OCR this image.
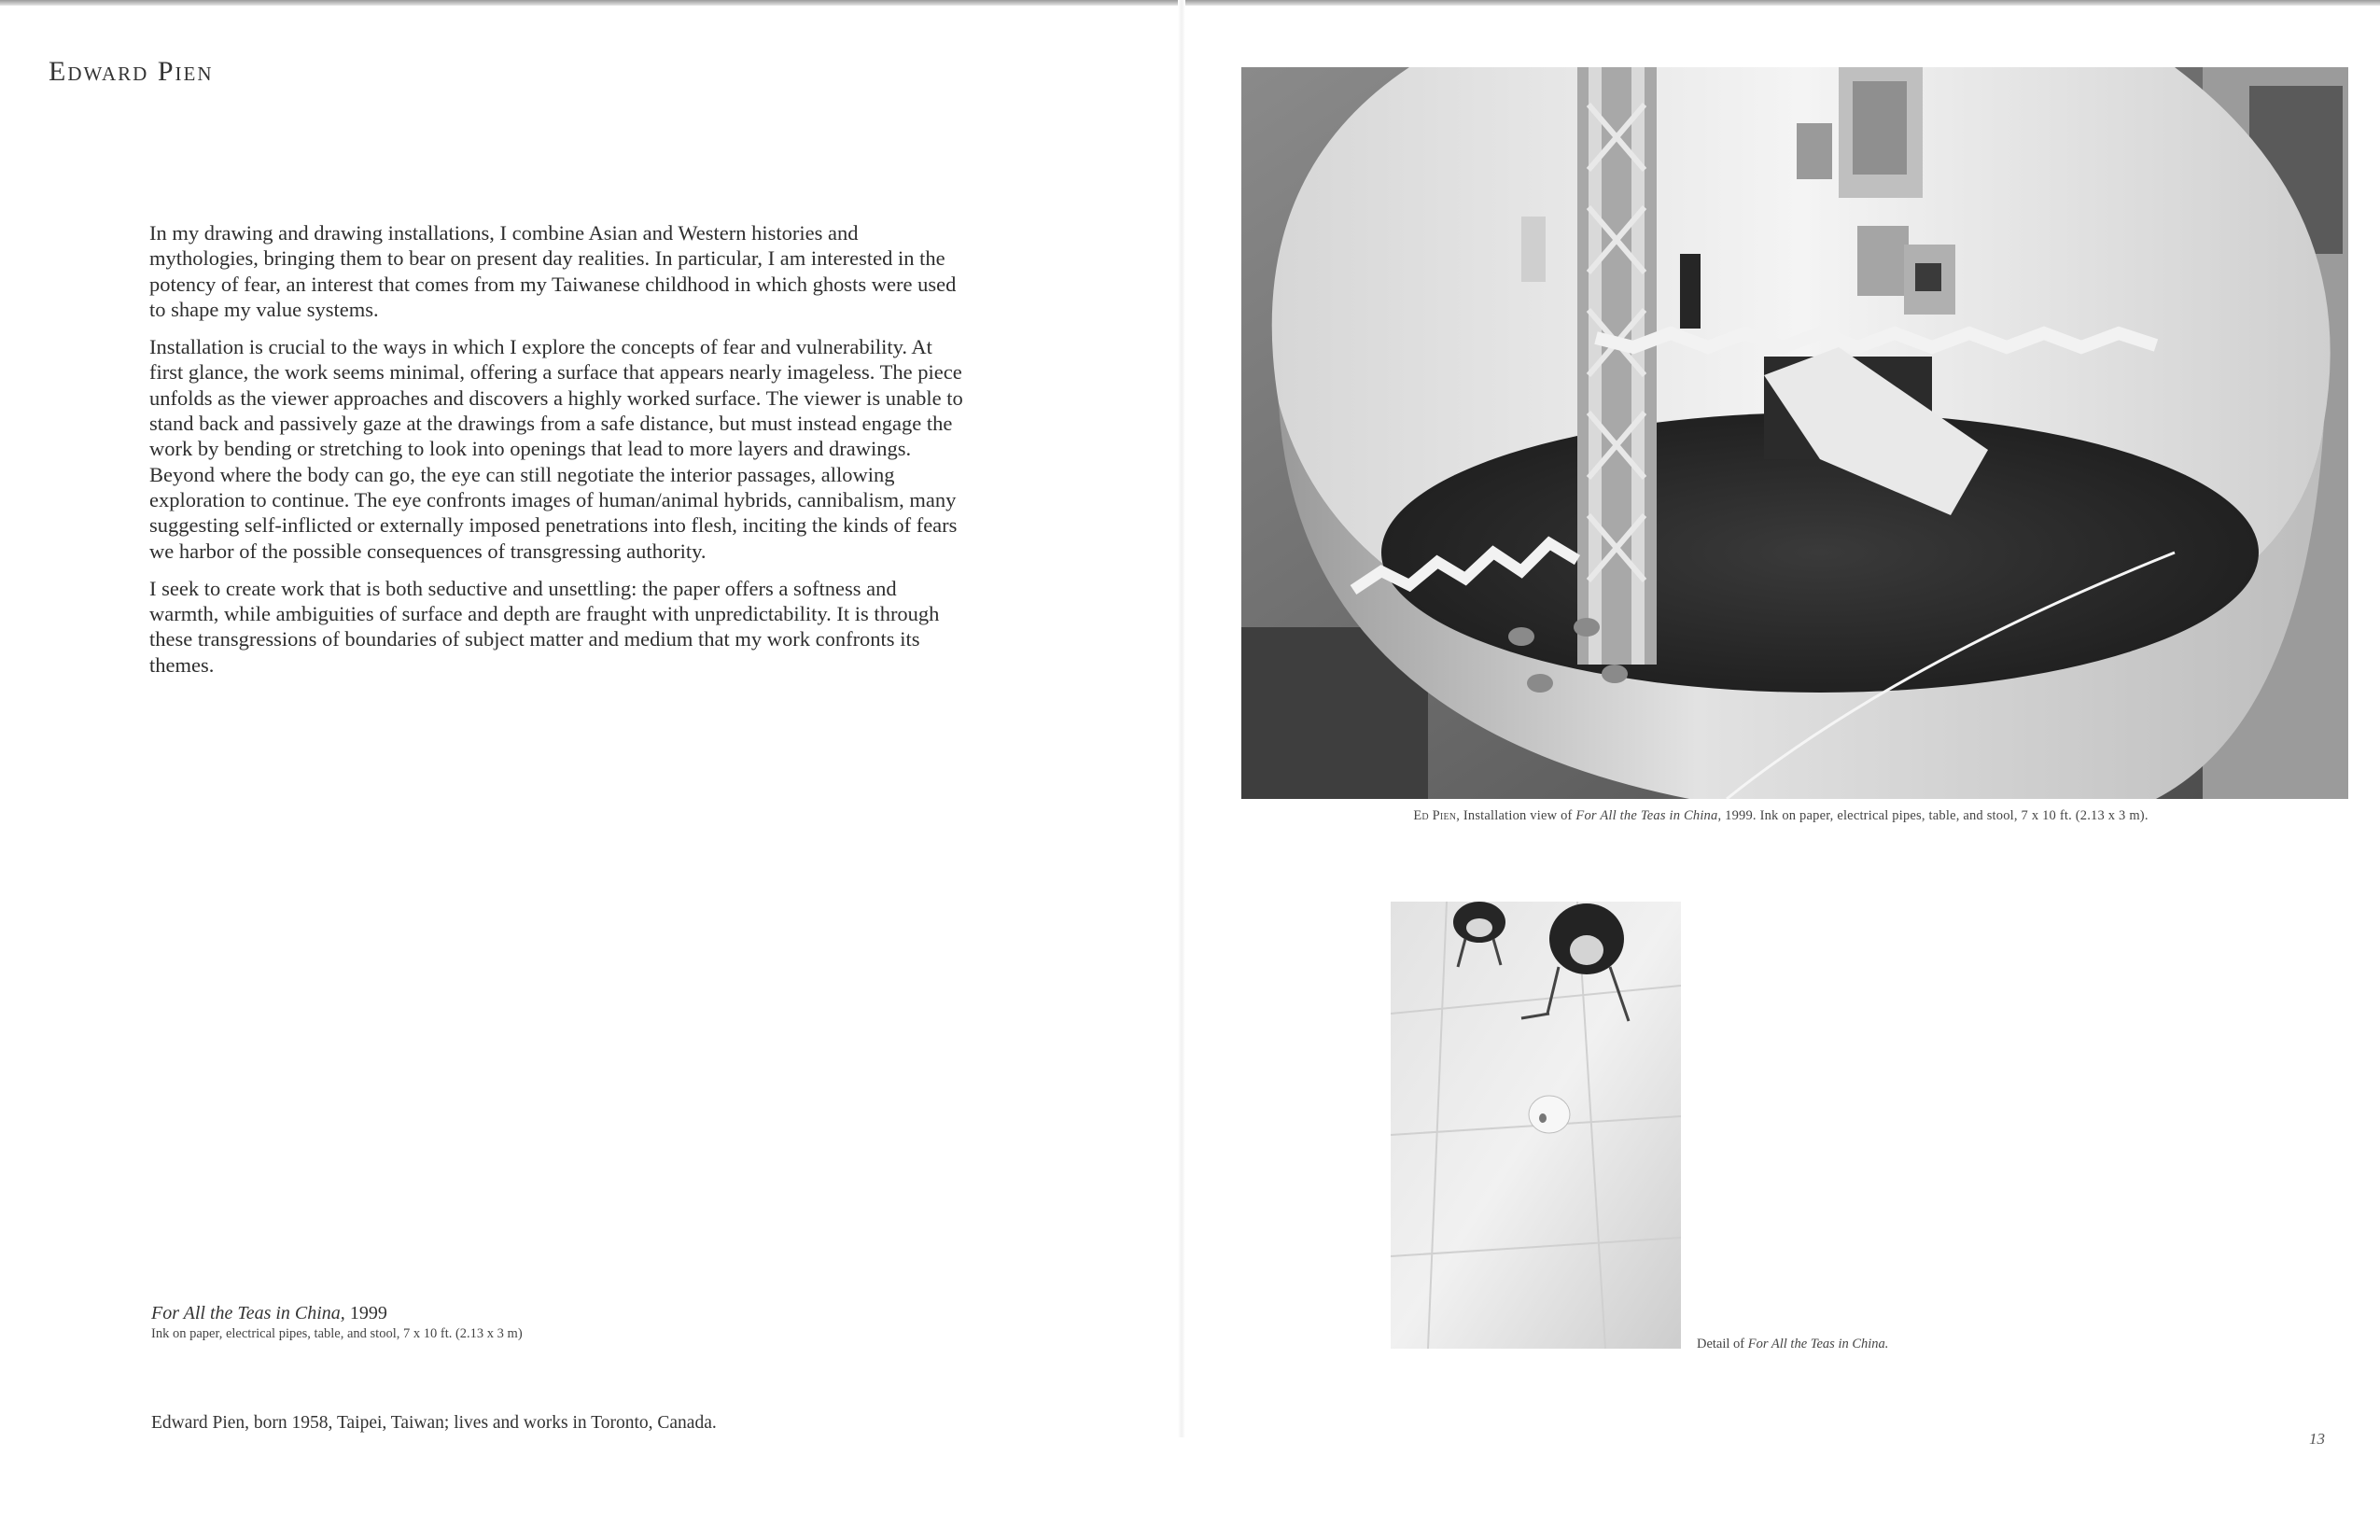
Edward Pien

In my drawing and drawing installations, I combine Asian and Western histories and mythologies, bringing them to bear on present day realities. In particular, I am interested in the potency of fear, an interest that comes from my Taiwanese childhood in which ghosts were used to shape my value systems.

Installation is crucial to the ways in which I explore the concepts of fear and vulnerability. At first glance, the work seems minimal, offering a surface that appears nearly imageless. The piece unfolds as the viewer approaches and discovers a highly worked surface. The viewer is unable to stand back and passively gaze at the drawings from a safe distance, but must instead engage the work by bending or stretching to look into openings that lead to more layers and drawings. Beyond where the body can go, the eye can still negotiate the interior passages, allowing exploration to continue. The eye confronts images of human/animal hybrids, cannibalism, many suggesting self-inflicted or externally imposed penetrations into flesh, inciting the kinds of fears we harbor of the possible consequences of transgressing authority.

I seek to create work that is both seductive and unsettling: the paper offers a softness and warmth, while ambiguities of surface and depth are fraught with unpredictability. It is through these transgressions of boundaries of subject matter and medium that my work confronts its themes.

For All the Teas in China, 1999
Ink on paper, electrical pipes, table, and stool, 7 x 10 ft. (2.13 x 3 m)
Edward Pien, born 1958, Taipei, Taiwan; lives and works in Toronto, Canada.
Ed Pien, Installation view of For All the Teas in China, 1999. Ink on paper, electrical pipes, table, and stool, 7 x 10 ft. (2.13 x 3 m).
Detail of For All the Teas in China.
13
